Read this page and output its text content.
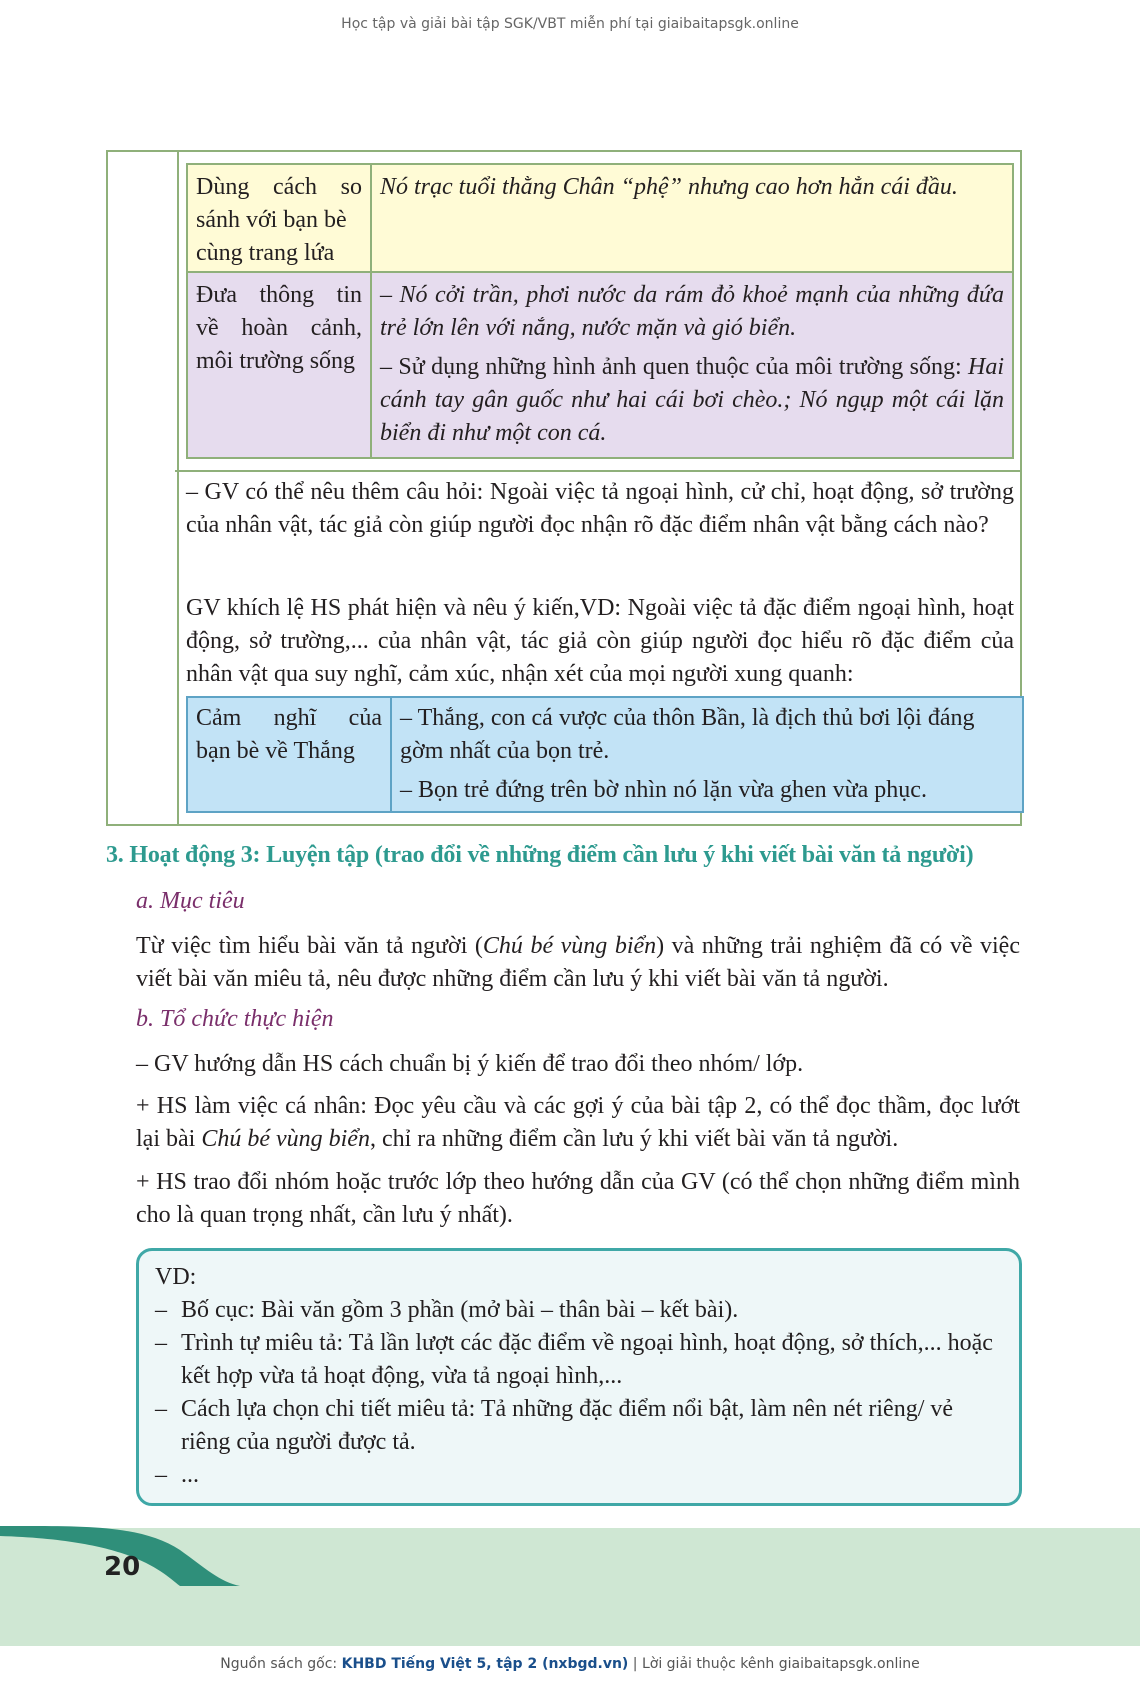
Học tập và giải bài tập SGK/VBT miễn phí tại giaibaitapsgk.online
Dùng cách so
sánh với bạn bè
cùng trang lứa
Nó trạc tuổi thằng Chân “phệ” nhưng cao hơn hẳn cái đầu.
Đưa thông tin
về hoàn cảnh,
môi trường sống
– Nó cởi trần, phơi nước da rám đỏ khoẻ mạnh của những đứa trẻ lớn lên với nắng, nước mặn và gió biển.
– Sử dụng những hình ảnh quen thuộc của môi trường sống: Hai cánh tay gân guốc như hai cái bơi chèo.; Nó ngụp một cái lặn biển đi như một con cá.
– GV có thể nêu thêm câu hỏi: Ngoài việc tả ngoại hình, cử chỉ, hoạt động, sở trường của nhân vật, tác giả còn giúp người đọc nhận rõ đặc điểm nhân vật bằng cách nào?
GV khích lệ HS phát hiện và nêu ý kiến,VD: Ngoài việc tả đặc điểm ngoại hình, hoạt động, sở trường,... của nhân vật, tác giả còn giúp người đọc hiểu rõ đặc điểm của nhân vật qua suy nghĩ, cảm xúc, nhận xét của mọi người xung quanh:
Cảm nghĩ của
bạn bè về Thắng
– Thắng, con cá vược của thôn Bần, là địch thủ bơi lội đáng gờm nhất của bọn trẻ.
– Bọn trẻ đứng trên bờ nhìn nó lặn vừa ghen vừa phục.
3. Hoạt động 3: Luyện tập (trao đổi về những điểm cần lưu ý khi viết bài văn tả người)
a. Mục tiêu
Từ việc tìm hiểu bài văn tả người (Chú bé vùng biển) và những trải nghiệm đã có về việc viết bài văn miêu tả, nêu được những điểm cần lưu ý khi viết bài văn tả người.
b. Tổ chức thực hiện
– GV hướng dẫn HS cách chuẩn bị ý kiến để trao đổi theo nhóm/ lớp.
+ HS làm việc cá nhân: Đọc yêu cầu và các gợi ý của bài tập 2, có thể đọc thầm, đọc lướt lại bài Chú bé vùng biển, chỉ ra những điểm cần lưu ý khi viết bài văn tả người.
+ HS trao đổi nhóm hoặc trước lớp theo hướng dẫn của GV (có thể chọn những điểm mình cho là quan trọng nhất, cần lưu ý nhất).
VD:
– Bố cục: Bài văn gồm 3 phần (mở bài – thân bài – kết bài).
– Trình tự miêu tả: Tả lần lượt các đặc điểm về ngoại hình, hoạt động, sở thích,... hoặc kết hợp vừa tả hoạt động, vừa tả ngoại hình,...
– Cách lựa chọn chi tiết miêu tả: Tả những đặc điểm nổi bật, làm nên nét riêng/ vẻ riêng của người được tả.
– ...
20
Nguồn sách gốc: KHBD Tiếng Việt 5, tập 2 (nxbgd.vn) | Lời giải thuộc kênh giaibaitapsgk.online
